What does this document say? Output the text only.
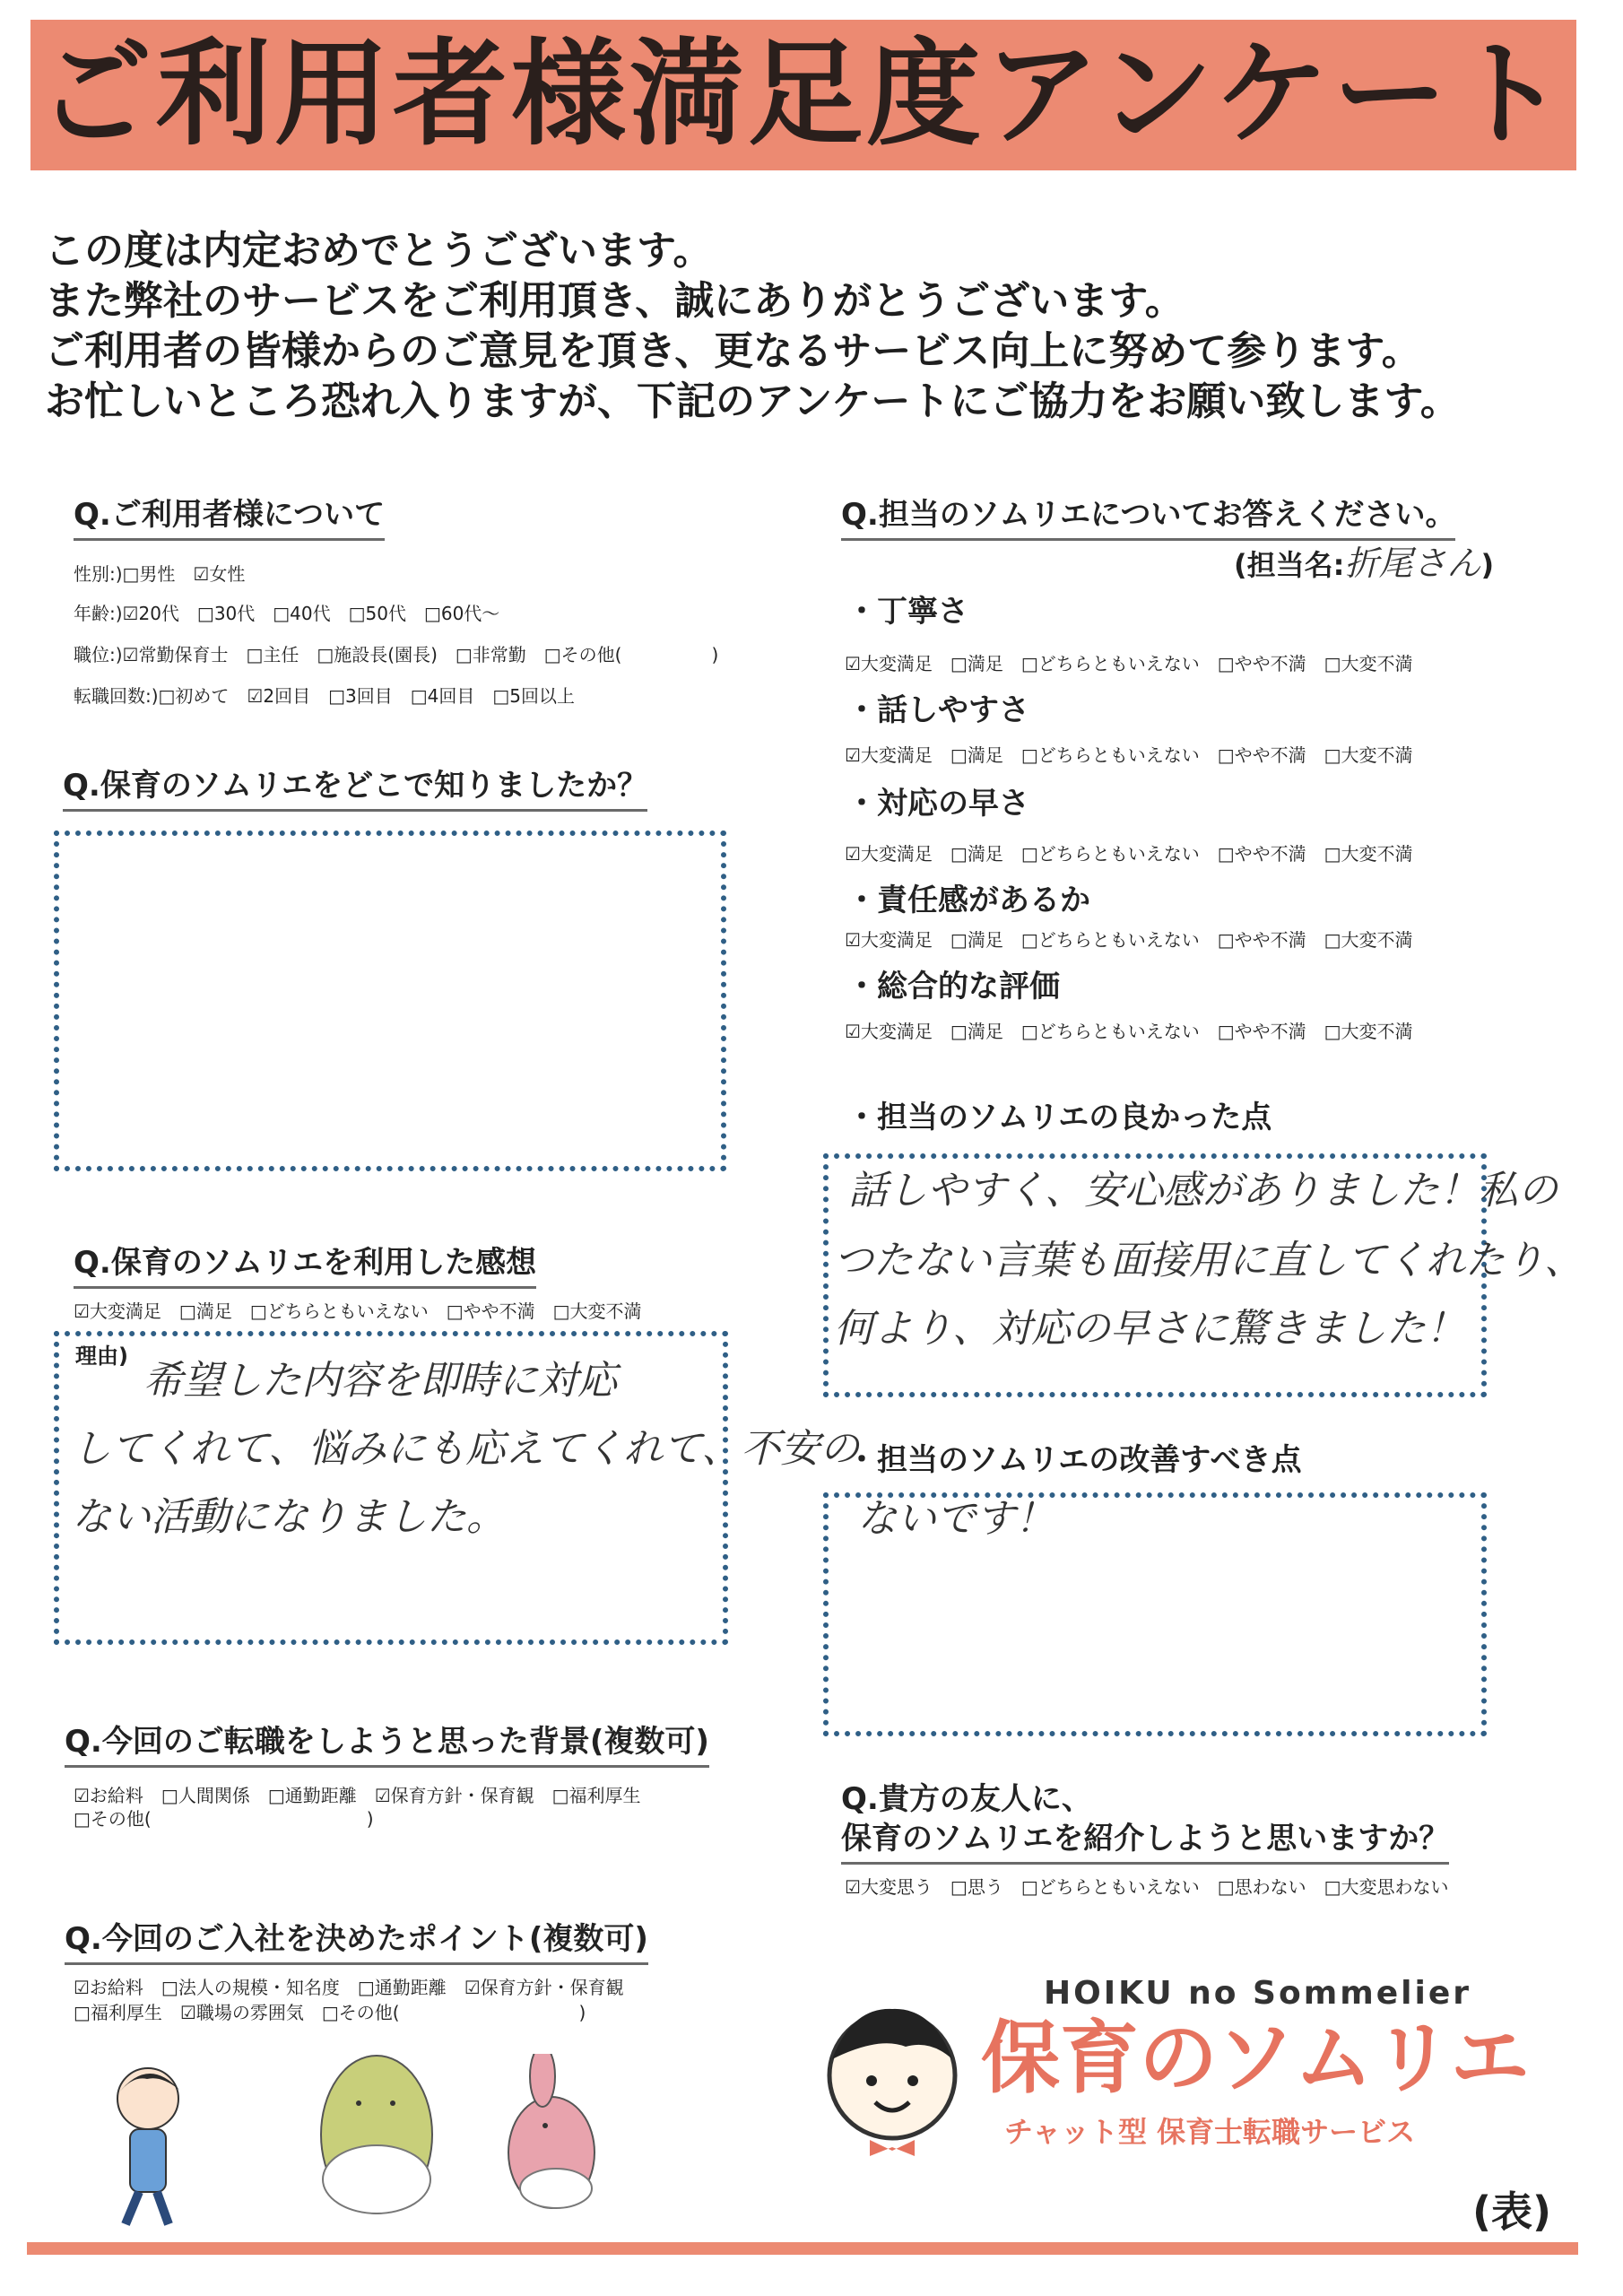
ご利用者様満足度アンケート
この度は内定おめでとうございます。
また弊社のサービスをご利用頂き、誠にありがとうございます。
ご利用者の皆様からのご意見を頂き、更なるサービス向上に努めて参ります。
お忙しいところ恐れ入りますが、下記のアンケートにご協力をお願い致します。
Q.ご利用者様について
性別:)□男性　☑女性
年齢:)☑20代　□30代　□40代　□50代　□60代～
職位:)☑常勤保育士　□主任　□施設長(園長)　□非常勤　□その他(　　　　　)
転職回数:)□初めて　☑2回目　□3回目　□4回目　□5回以上
Q.保育のソムリエをどこで知りましたか？
Q.保育のソムリエを利用した感想
☑大変満足　□満足　□どちらともいえない　□やや不満　□大変不満
理由)
希望した内容を即時に対応
してくれて、悩みにも応えてくれて、不安の
ない活動になりました。
Q.今回のご転職をしようと思った背景(複数可)
☑お給料　□人間関係　□通勤距離　☑保育方針・保育観　□福利厚生
□その他(　　　　　　　　　　　　)
Q.今回のご入社を決めたポイント(複数可)
☑お給料　□法人の規模・知名度　□通勤距離　☑保育方針・保育観
□福利厚生　☑職場の雰囲気　□その他(　　　　　　　　　　)
Q.担当のソムリエについてお答えください。
(担当名:折尾さん)
・丁寧さ
☑大変満足　□満足　□どちらともいえない　□やや不満　□大変不満
・話しやすさ
☑大変満足　□満足　□どちらともいえない　□やや不満　□大変不満
・対応の早さ
☑大変満足　□満足　□どちらともいえない　□やや不満　□大変不満
・責任感があるか
☑大変満足　□満足　□どちらともいえない　□やや不満　□大変不満
・総合的な評価
☑大変満足　□満足　□どちらともいえない　□やや不満　□大変不満
・担当のソムリエの良かった点
話しやすく、安心感がありました！私の
つたない言葉も面接用に直してくれたり、
何より、対応の早さに驚きました！
・担当のソムリエの改善すべき点
ないです！
Q.貴方の友人に、
保育のソムリエを紹介しようと思いますか？
☑大変思う　□思う　□どちらともいえない　□思わない　□大変思わない
HOIKU no Sommelier
保育のソムリエ
チャット型 保育士転職サービス
(表)
